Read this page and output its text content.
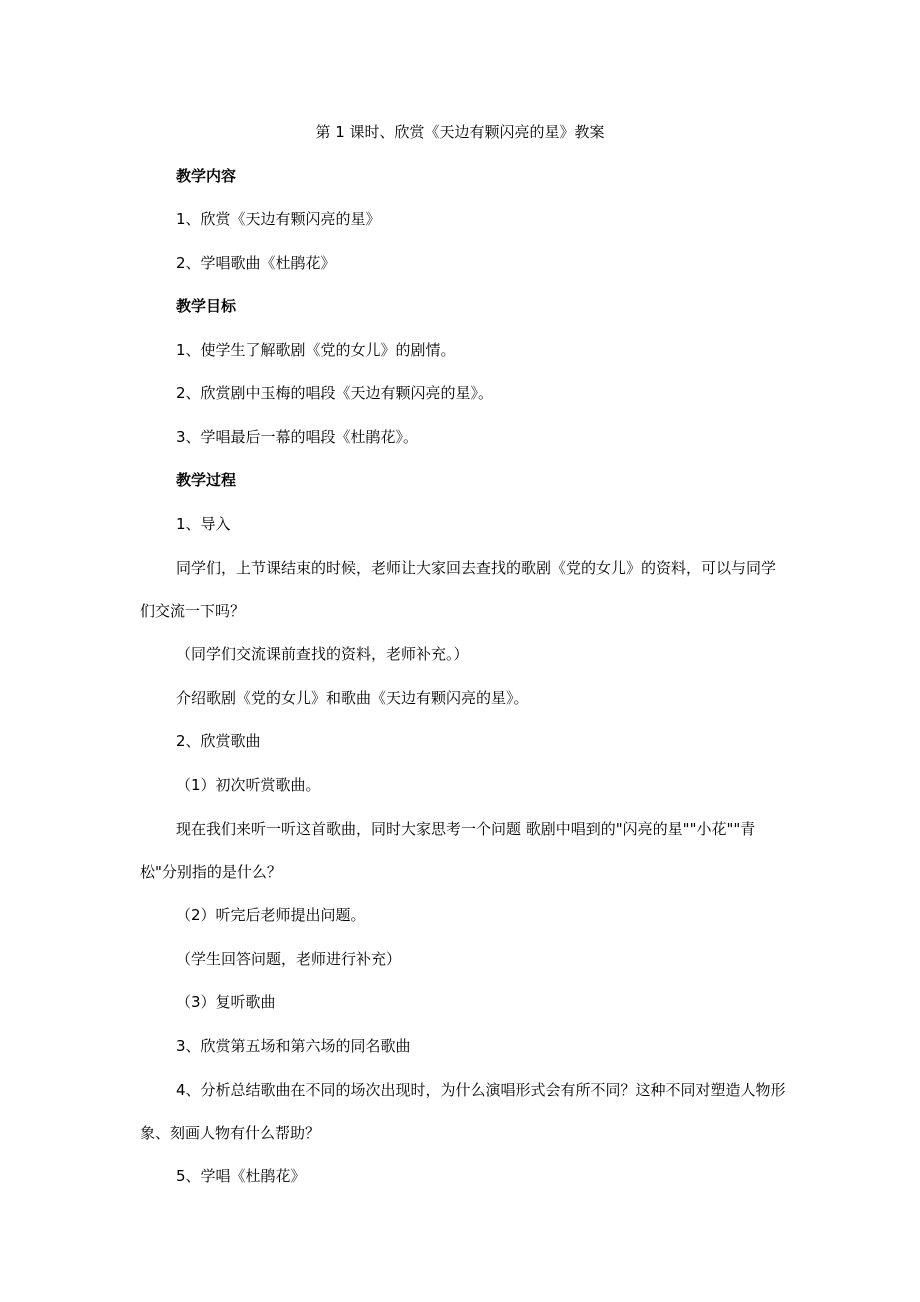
第 1 课时、欣赏《天边有颗闪亮的星》教案
教学内容
1、欣赏《天边有颗闪亮的星》
2、学唱歌曲《杜鹃花》
教学目标
1、使学生了解歌剧《党的女儿》的剧情。
2、欣赏剧中玉梅的唱段《天边有颗闪亮的星》。
3、学唱最后一幕的唱段《杜鹃花》。
教学过程
1、导入
同学们，上节课结束的时候，老师让大家回去查找的歌剧《党的女儿》的资料，可以与同学们交流一下吗？
（同学们交流课前查找的资料，老师补充。）
介绍歌剧《党的女儿》和歌曲《天边有颗闪亮的星》。
2、欣赏歌曲
（1）初次听赏歌曲。
现在我们来听一听这首歌曲，同时大家思考一个问题 歌剧中唱到的"闪亮的星""小花""青松"分别指的是什么？
（2）听完后老师提出问题。
（学生回答问题，老师进行补充）
（3）复听歌曲
3、欣赏第五场和第六场的同名歌曲
4、分析总结歌曲在不同的场次出现时，为什么演唱形式会有所不同？这种不同对塑造人物形象、刻画人物有什么帮助？
5、学唱《杜鹃花》
